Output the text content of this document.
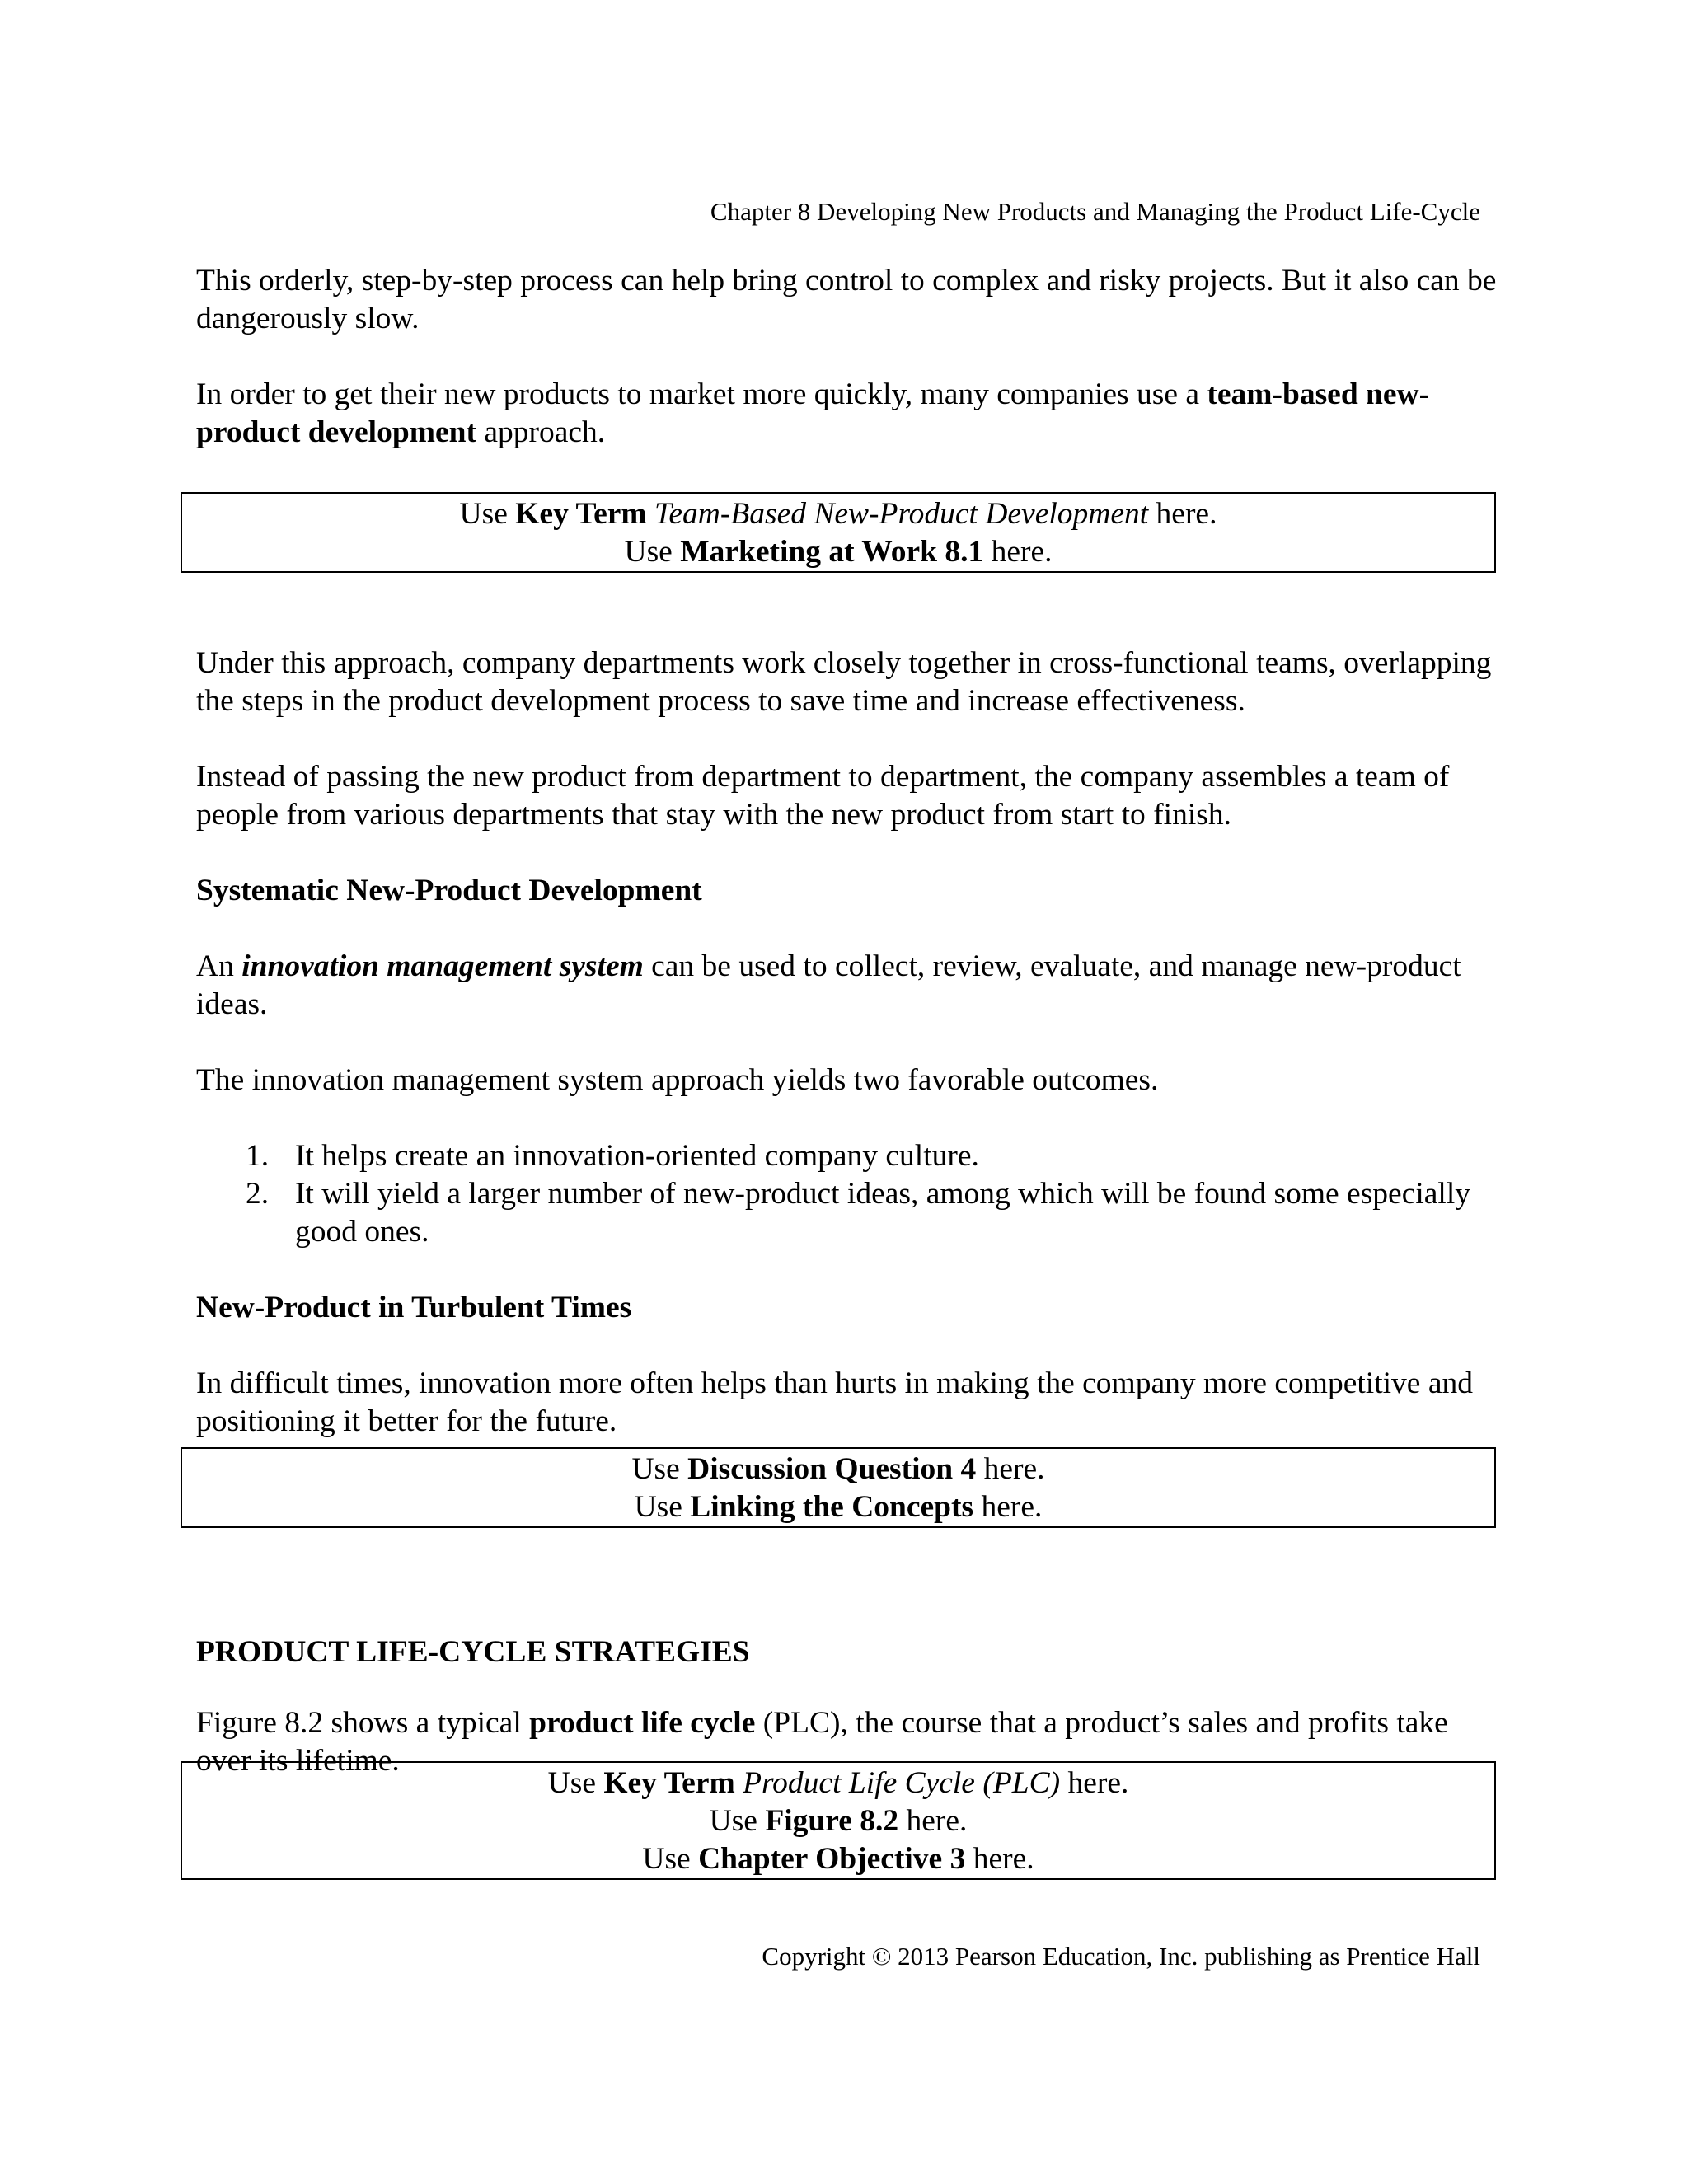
Chapter 8 Developing New Products and Managing the Product Life-Cycle

This orderly, step-by-step process can help bring control to complex and risky projects. But it also can be dangerously slow.

In order to get their new products to market more quickly, many companies use a team-based new-product development approach.

Under this approach, company departments work closely together in cross-functional teams, overlapping the steps in the product development process to save time and increase effectiveness.

Instead of passing the new product from department to department, the company assembles a team of people from various departments that stay with the new product from start to finish.

Systematic New-Product Development

An innovation management system can be used to collect, review, evaluate, and manage new-product ideas.

The innovation management system approach yields two favorable outcomes.

1. It helps create an innovation-oriented company culture.
2. It will yield a larger number of new-product ideas, among which will be found some especially good ones.

New-Product in Turbulent Times

In difficult times, innovation more often helps than hurts in making the company more competitive and positioning it better for the future.

PRODUCT LIFE-CYCLE STRATEGIES

Figure 8.2 shows a typical product life cycle (PLC), the course that a product’s sales and profits take over its lifetime.

Use Key Term Team-Based New-Product Development here.
Use Marketing at Work 8.1 here.
Use Discussion Question 4 here.
Use Linking the Concepts here.
Use Key Term Product Life Cycle (PLC) here.
Use Figure 8.2 here.
Use Chapter Objective 3 here.
Copyright © 2013 Pearson Education, Inc. publishing as Prentice Hall
